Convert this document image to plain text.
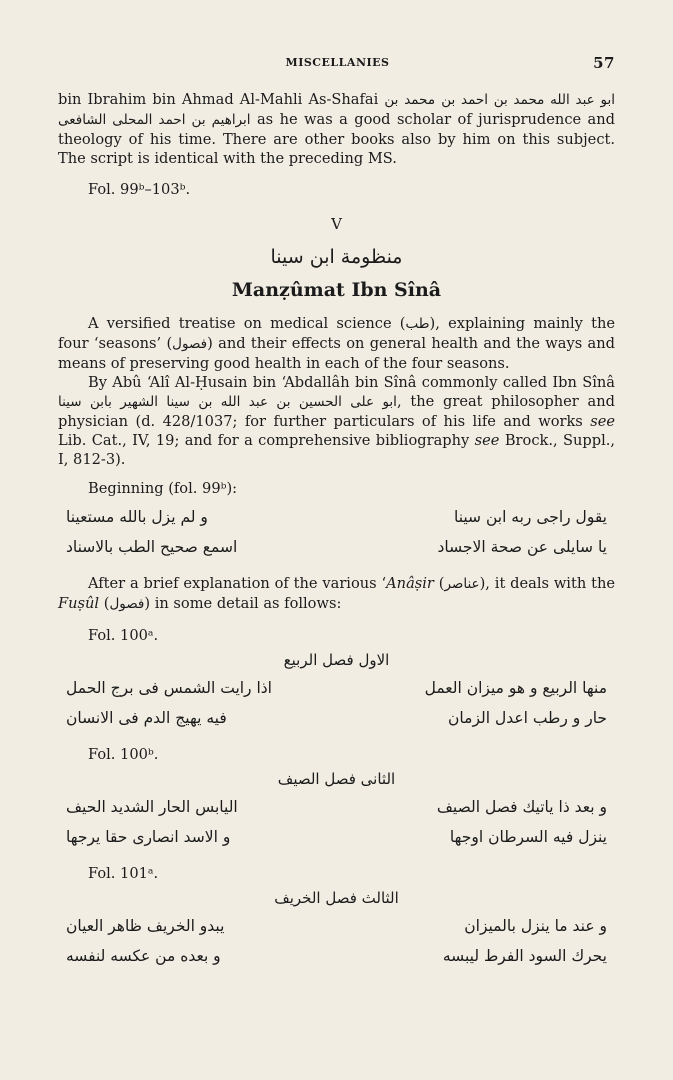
MISCELLANIES	57

bin Ibrahim bin Ahmad Al-Mahli As-Shafai	ابو عبد الله محمد بن احمد بن محمد بن ابراهيم بن احمد المحلى الشافعى as he was a good scholar of jurisprudence and theology of his time. There are other books also by him on this subject. The script is identical with the preceding MS.

Fol. 99ᵇ–103ᵇ.

V

منظومة ابن سينا

Manẓûmat Ibn Sînâ

A versified treatise on medical science (طب), explaining mainly the four ‘seasons’ (فصول) and their effects on general health and the ways and means of preserving good health in each of the four seasons.

By Abû ‘Alî Al-Ḥusain bin ‘Abdallâh bin Sînâ commonly called Ibn Sînâ ابو على الحسين بن عبد الله بن سينا الشهير بابن سينا, the great philosopher and physician (d. 428/1037; for further particulars of his life and works see Lib. Cat., IV, 19; and for a comprehensive bibliography see Brock., Suppl., I, 812-3).

Beginning (fol. 99ᵇ):

يقول راجى ربه ابن سينا
و لم يزل بالله مستعينا
يا سايلى عن صحة الاجساد
اسمع صحيح الطب بالاسناد

After a brief explanation of the various ‘Anâṣir (عناصر), it deals with the Fuṣûl (فصول) in some detail as follows:

Fol. 100ᵃ.

الاول فصل الربيع

منها الربيع و هو ميزان العمل
اذا رايت الشمس فى برج الحمل
حار و رطب اعدل الزمان
فيه يهيج الدم فى الانسان

Fol. 100ᵇ.

الثانى فصل الصيف

و بعد ذا ياتيك فصل الصيف
اليابس الحار الشديد الحيف
ينزل فيه السرطان اوجها
و الاسد انصارى حقا يرجها

Fol. 101ᵃ.

الثالث فصل الخريف

و عند ما ينزل بالميزان
يبدو الخريف ظاهر العيان
يحرك السود الفرط ليبسه
و بعده من عكسه لنفسه
